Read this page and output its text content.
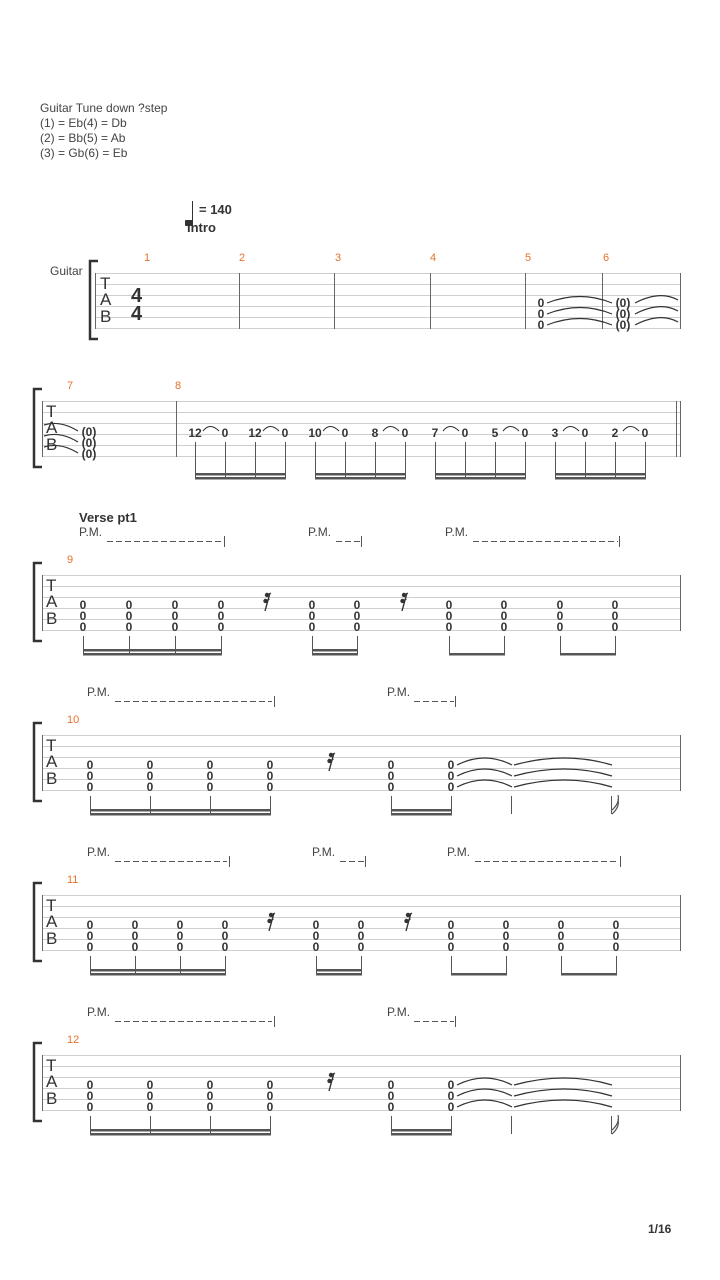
Guitar Tune down ?step
(1) = Eb(4) = Db
(2) = Bb(5) = Ab
(3) = Gb(6) = Eb
= 140
Intro
Guitar
Verse pt1
P.M.	P.M.	P.M.
P.M.	P.M.
P.M.	P.M.	P.M.
P.M.	P.M.
1/16
T
A
B
4
4
1	2	3	4	5	6
0
0
0
(0)
(0)
(0)
T
A
B
7	8
(0)
(0)
(0)
12 0 12 0 10 0 8 0 7 0 5 0 3 0 2 0
T
A
B
9
0
0
0
0
0
0
0
0
0
0
0
0
0
0
0
0
0
0
0
0
0
0
0
0
0
0
0
0
0
0
T
A
B
10
0
0
0
0
0
0
0
0
0
0
0
0
0
0
0
0
0
0
T
A
B
11
0
0
0
0
0
0
0
0
0
0
0
0
0
0
0
0
0
0
0
0
0
0
0
0
0
0
0
0
0
0
T
A
B
12
0
0
0
0
0
0
0
0
0
0
0
0
0
0
0
0
0
0
